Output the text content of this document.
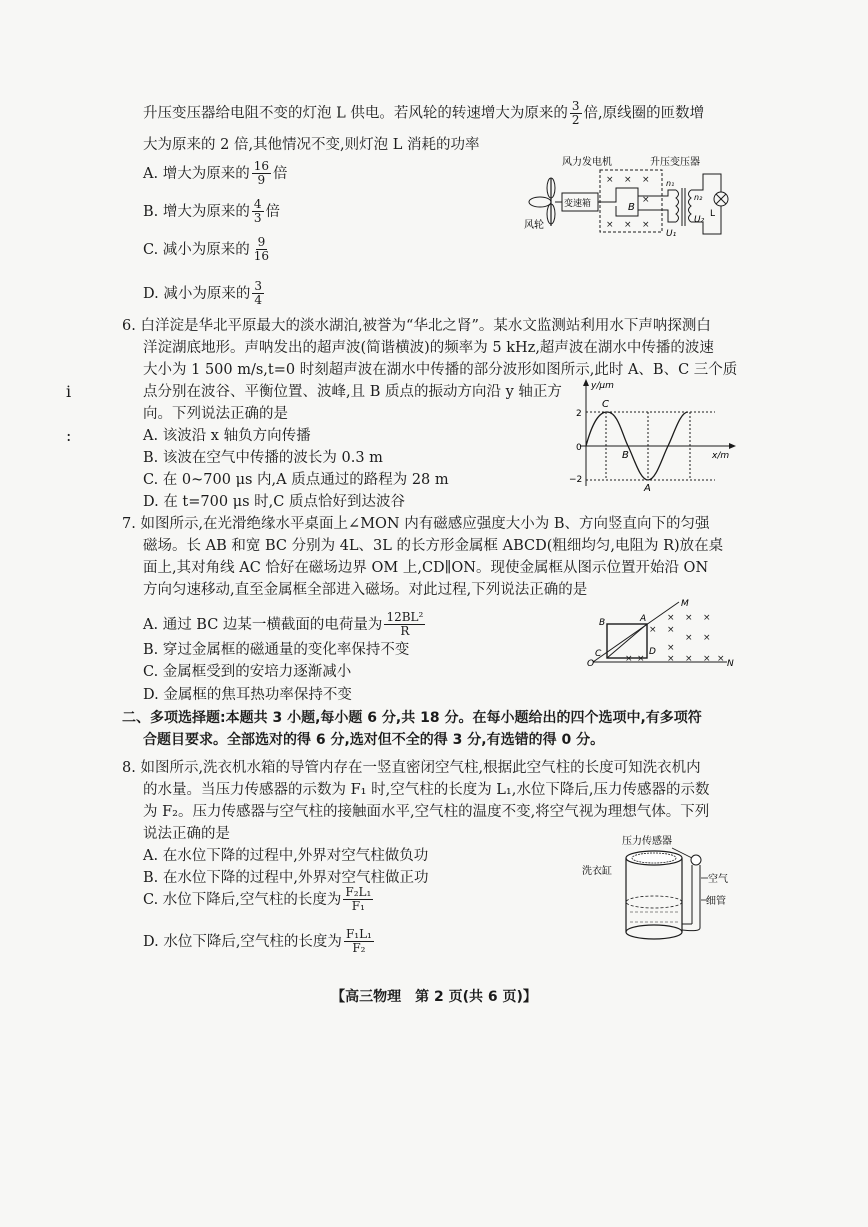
升压变压器给电阻不变的灯泡 L 供电。若风轮的转速增大为原来的 $\frac{3}{2}$ 倍,原线圈的匝数增
大为原来的 2 倍,其他情况不变,则灯泡 L 消耗的功率
A. 增大为原来的 $\frac{16}{9}$ 倍
B. 增大为原来的 $\frac{4}{3}$ 倍
C. 减小为原来的 $\frac{9}{16}$
D. 减小为原来的 $\frac{3}{4}$
风力发电机	升压变压器
风轮
变速箱
× × ×
×
× × ×
B
n₁
n₂
U₁
U₂
L
6. 白洋淀是华北平原最大的淡水湖泊,被誉为“华北之肾”。某水文监测站利用水下声呐探测白
洋淀湖底地形。声呐发出的超声波(简谐横波)的频率为 5 kHz,超声波在湖水中传播的波速
大小为 1 500 m/s,t=0 时刻超声波在湖水中传播的部分波形如图所示,此时 A、B、C 三个质
点分别在波谷、平衡位置、波峰,且 B 质点的振动方向沿 y 轴正方
向。下列说法正确的是
A. 该波沿 x 轴负方向传播
B. 该波在空气中传播的波长为 0.3 m
C. 在 0~700 μs 内,A 质点通过的路程为 28 m
D. 在 t=700 μs 时,C 质点恰好到达波谷
i
:
y/μm
x/m
2
0
−2
C
B
A
7. 如图所示,在光滑绝缘水平桌面上∠MON 内有磁感应强度大小为 B、方向竖直向下的匀强
磁场。长 AB 和宽 BC 分别为 4L、3L 的长方形金属框 ABCD(粗细均匀,电阻为 R)放在桌
面上,其对角线 AC 恰好在磁场边界 OM 上,CD∥ON。现使金属框从图示位置开始沿 ON
方向匀速移动,直至金属框全部进入磁场。对此过程,下列说法正确的是
A. 通过 BC 边某一横截面的电荷量为 $\frac{\text{12BL²}}{R}$
B. 穿过金属框的磁通量的变化率保持不变
C. 金属框受到的安培力逐渐减小
D. 金属框的焦耳热功率保持不变
M
N
O
B	A
C	D
×
× ×
× ×
× ×
×
× × × × × ×
二、多项选择题:本题共 3 小题,每小题 6 分,共 18 分。在每小题给出的四个选项中,有多项符
合题目要求。全部选对的得 6 分,选对但不全的得 3 分,有选错的得 0 分。
8. 如图所示,洗衣机水箱的导管内存在一竖直密闭空气柱,根据此空气柱的长度可知洗衣机内
的水量。当压力传感器的示数为 F₁ 时,空气柱的长度为 L₁,水位下降后,压力传感器的示数
为 F₂。压力传感器与空气柱的接触面水平,空气柱的温度不变,将空气视为理想气体。下列
说法正确的是
A. 在水位下降的过程中,外界对空气柱做负功
B. 在水位下降的过程中,外界对空气柱做正功
C. 水位下降后,空气柱的长度为 $\frac{\text{F₂L₁}}{\text{F₁}}$
D. 水位下降后,空气柱的长度为 $\frac{\text{F₁L₁}}{\text{F₂}}$
压力传感器
洗衣缸
空气
细管
【高三物理　第 2 页(共 6 页)】
